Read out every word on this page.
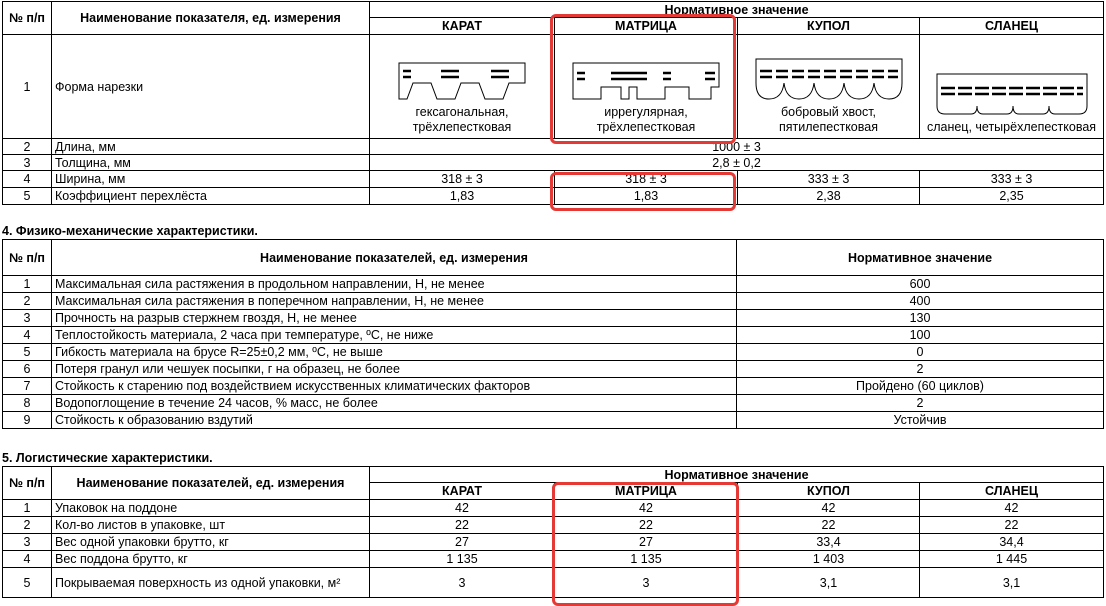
№ п/п	Наименование показателя, ед. измерения	Нормативное значение			
		КАРАТ	МАТРИЦА	КУПОЛ	СЛАНЕЦ
1	Форма нарезки	гексагональная, трёхлепестковая	иррегулярная, трёхлепестковая	бобровый хвост, пятилепестковая	сланец, четырёхлепестковая

2	Длина, мм	1000 ± 3			
3	Толщина, мм	2,8 ± 0,2			
4	Ширина, мм	318 ± 3	318 ± 3	333 ± 3	333 ± 3
5	Коэффициент перехлёста	1,83	1,83	2,38	2,35
4. Физико-механические характеристики.
№ п/п	Наименование показателей, ед. измерения	Нормативное значение
1	Максимальная сила растяжения в продольном направлении, Н, не менее	600
2	Максимальная сила растяжения в поперечном направлении, Н, не менее	400
3	Прочность на разрыв стержнем гвоздя, Н, не менее	130
4	Теплостойкость материала, 2 часа при температуре, ºС, не ниже	100
5	Гибкость материала на брусе R=25±0,2 мм, ºС, не выше	0
6	Потеря гранул или чешуек посыпки, г на образец, не более	2
7	Стойкость к старению под воздействием искусственных климатических факторов	Пройдено (60 циклов)
8	Водопоглощение в течение 24 часов, % масс, не более	2
9	Стойкость к образованию вздутий	Устойчив
5. Логистические характеристики.
№ п/п	Наименование показателей, ед. измерения	Нормативное значение			
		КАРАТ	МАТРИЦА	КУПОЛ	СЛАНЕЦ
1	Упаковок на поддоне	42	42	42	42
2	Кол-во листов в упаковке, шт	22	22	22	22
3	Вес одной упаковки брутто, кг	27	27	33,4	34,4
4	Вес поддона брутто, кг	1 135	1 135	1 403	1 445
5	Покрываемая поверхность из одной упаковки, м²	3	3	3,1	3,1
